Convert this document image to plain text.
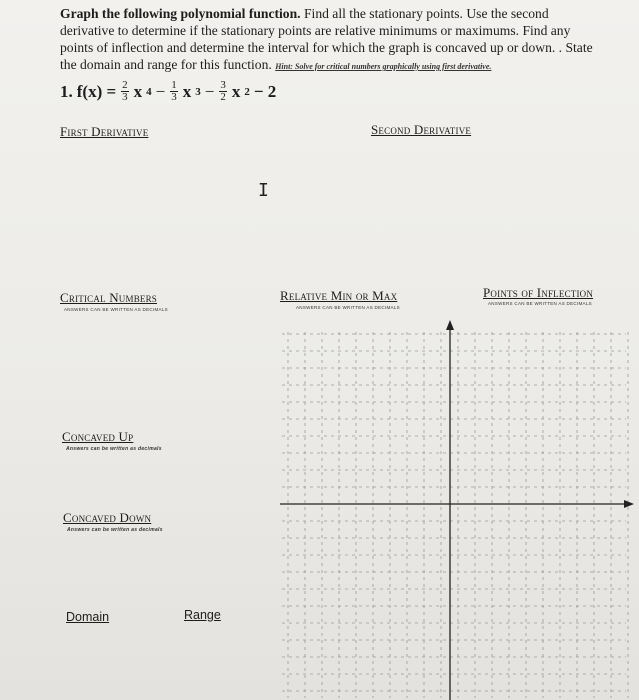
Graph the following polynomial function. Find all the stationary points. Use the second derivative to determine if the stationary points are relative minimums or maximums. Find any points of inflection and determine the interval for which the graph is concaved up or down. . State the domain and range for this function. Hint: Solve for critical numbers graphically using first derivative.
1. $f(x) = \frac{2}{3}$ x $4 - \frac{1}{3}$ x $3 - \frac{3}{2}$ x 2 − 2
First Derivative	Second Derivative
I
Critical Numbers
ANSWERS CAN BE WRITTEN AS DECIMALS
Relative Min or Max
ANSWERS CAN BE WRITTEN AS DECIMALS
Points of Inflection
ANSWERS CAN BE WRITTEN AS DECIMALS
Concaved Up
Answers can be written as decimals
Concaved Down
Answers can be written as decimals
Domain	Range
